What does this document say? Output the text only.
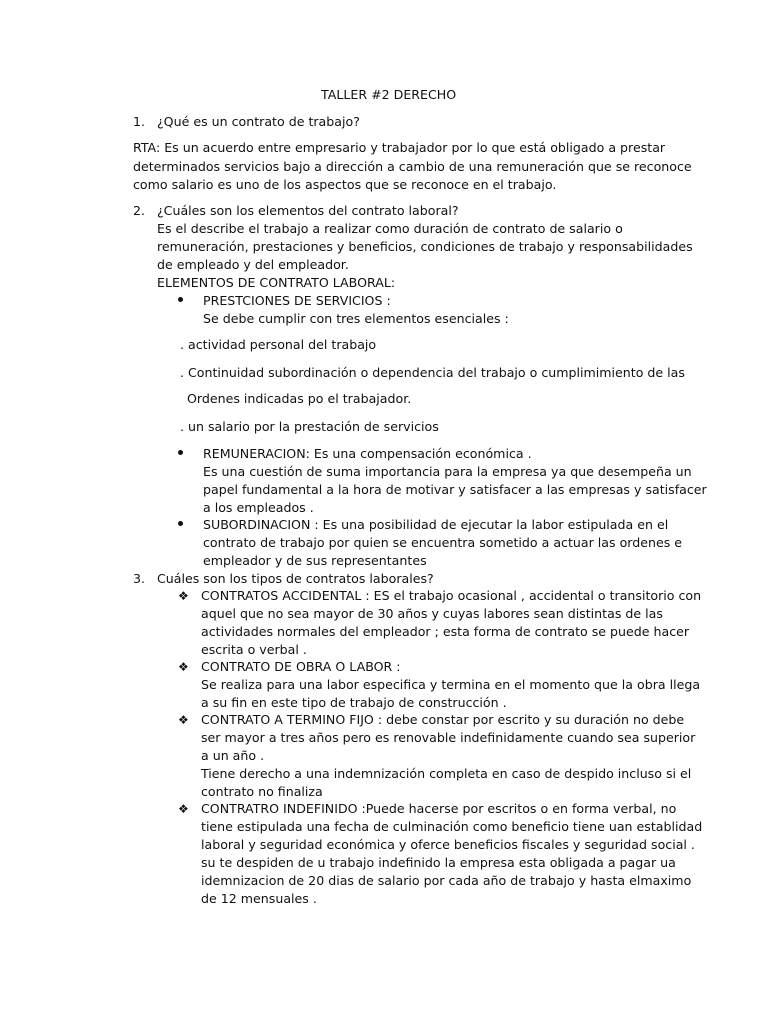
TALLER #2 DERECHO
1. ¿Qué es un contrato de trabajo?
RTA: Es un acuerdo entre empresario y trabajador por lo que está obligado a prestar
determinados servicios bajo a dirección a cambio de una remuneración que se reconoce
como salario es uno de los aspectos que se reconoce en el trabajo.
2. ¿Cuáles son los elementos del contrato laboral?
Es el describe el trabajo a realizar como duración de contrato de salario o
remuneración, prestaciones y beneficios, condiciones de trabajo y responsabilidades
de empleado y del empleador.
ELEMENTOS DE CONTRATO LABORAL:
PRESTCIONES DE SERVICIOS :
Se debe cumplir con tres elementos esenciales :
. actividad personal del trabajo
. Continuidad subordinación o dependencia del trabajo o cumplimimiento de las
Ordenes indicadas po el trabajador.
. un salario por la prestación de servicios
REMUNERACION: Es una compensación económica .
Es una cuestión de suma importancia para la empresa ya que desempeña un
papel fundamental a la hora de motivar y satisfacer a las empresas y satisfacer
a los empleados .
SUBORDINACION : Es una posibilidad de ejecutar la labor estipulada en el
contrato de trabajo por quien se encuentra sometido a actuar las ordenes e
empleador y de sus representantes
3. Cuáles son los tipos de contratos laborales?
❖ CONTRATOS ACCIDENTAL : ES el trabajo ocasional , accidental o transitorio con
aquel que no sea mayor de 30 años y cuyas labores sean distintas de las
actividades normales del empleador ; esta forma de contrato se puede hacer
escrita o verbal .
❖ CONTRATO DE OBRA O LABOR :
Se realiza para una labor especifica y termina en el momento que la obra llega
a su fin en este tipo de trabajo de construcción .
❖ CONTRATO A TERMINO FIJO : debe constar por escrito y su duración no debe
ser mayor a tres años pero es renovable indefinidamente cuando sea superior
a un año .
Tiene derecho a una indemnización completa en caso de despido incluso si el
contrato no finaliza
❖ CONTRATRO INDEFINIDO :Puede hacerse por escritos o en forma verbal, no
tiene estipulada una fecha de culminación como beneficio tiene uan establidad
laboral y seguridad económica y oferce beneficios fiscales y seguridad social .
su te despiden de u trabajo indefinido la empresa esta obligada a pagar ua
idemnizacion de 20 dias de salario por cada año de trabajo y hasta elmaximo
de 12 mensuales .
